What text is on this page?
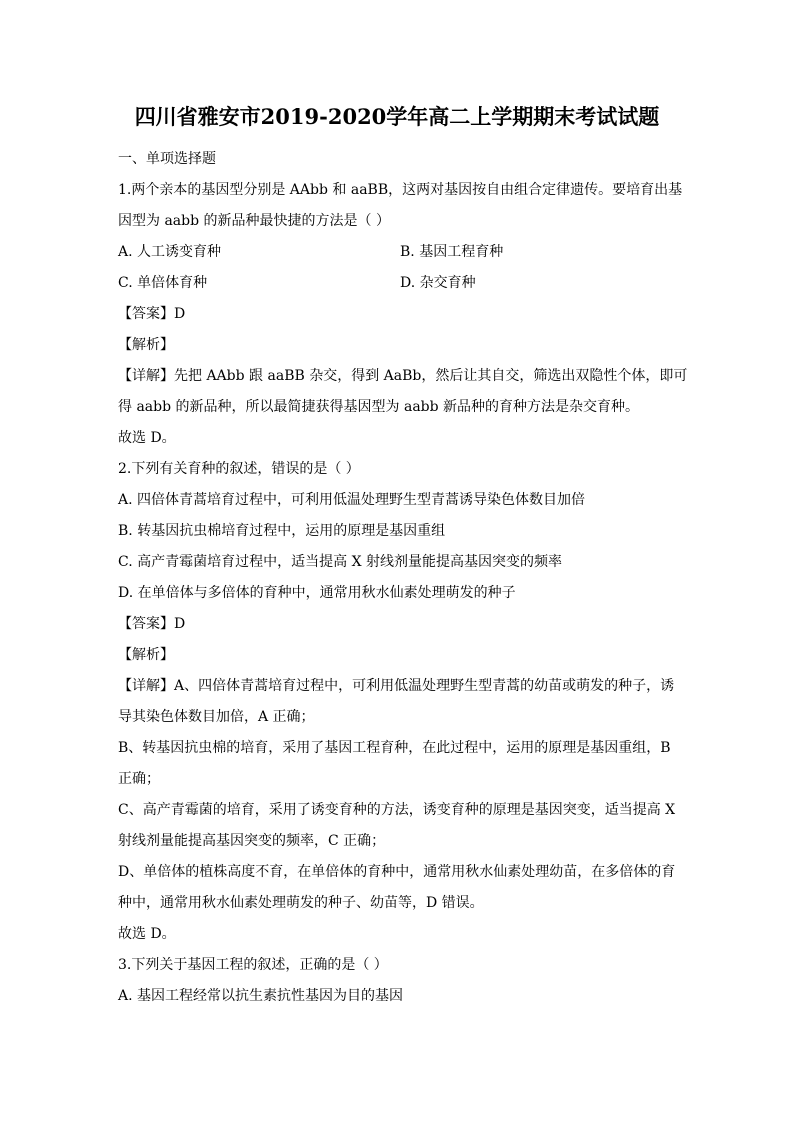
四川省雅安市2019-2020学年高二上学期期末考试试题
一、单项选择题
1.两个亲本的基因型分别是 AAbb 和 aaBB，这两对基因按自由组合定律遗传。要培育出基
因型为 aabb 的新品种最快捷的方法是（ ）
A. 人工诱变育种	B. 基因工程育种
C. 单倍体育种	D. 杂交育种
【答案】D
【解析】
【详解】先把 AAbb 跟 aaBB 杂交，得到 AaBb，然后让其自交，筛选出双隐性个体，即可
得 aabb 的新品种，所以最简捷获得基因型为 aabb 新品种的育种方法是杂交育种。
故选 D。
2.下列有关育种的叙述，错误的是（ ）
A. 四倍体青蒿培育过程中，可利用低温处理野生型青蒿诱导染色体数目加倍
B. 转基因抗虫棉培育过程中，运用的原理是基因重组
C. 高产青霉菌培育过程中，适当提高 X 射线剂量能提高基因突变的频率
D. 在单倍体与多倍体的育种中，通常用秋水仙素处理萌发的种子
【答案】D
【解析】
【详解】A、四倍体青蒿培育过程中，可利用低温处理野生型青蒿的幼苗或萌发的种子，诱
导其染色体数目加倍，A 正确；
B、转基因抗虫棉的培育，采用了基因工程育种，在此过程中，运用的原理是基因重组，B
正确；
C、高产青霉菌的培育，采用了诱变育种的方法，诱变育种的原理是基因突变，适当提高 X
射线剂量能提高基因突变的频率，C 正确；
D、单倍体的植株高度不育，在单倍体的育种中，通常用秋水仙素处理幼苗，在多倍体的育
种中，通常用秋水仙素处理萌发的种子、幼苗等，D 错误。
故选 D。
3.下列关于基因工程的叙述，正确的是（ ）
A. 基因工程经常以抗生素抗性基因为目的基因
